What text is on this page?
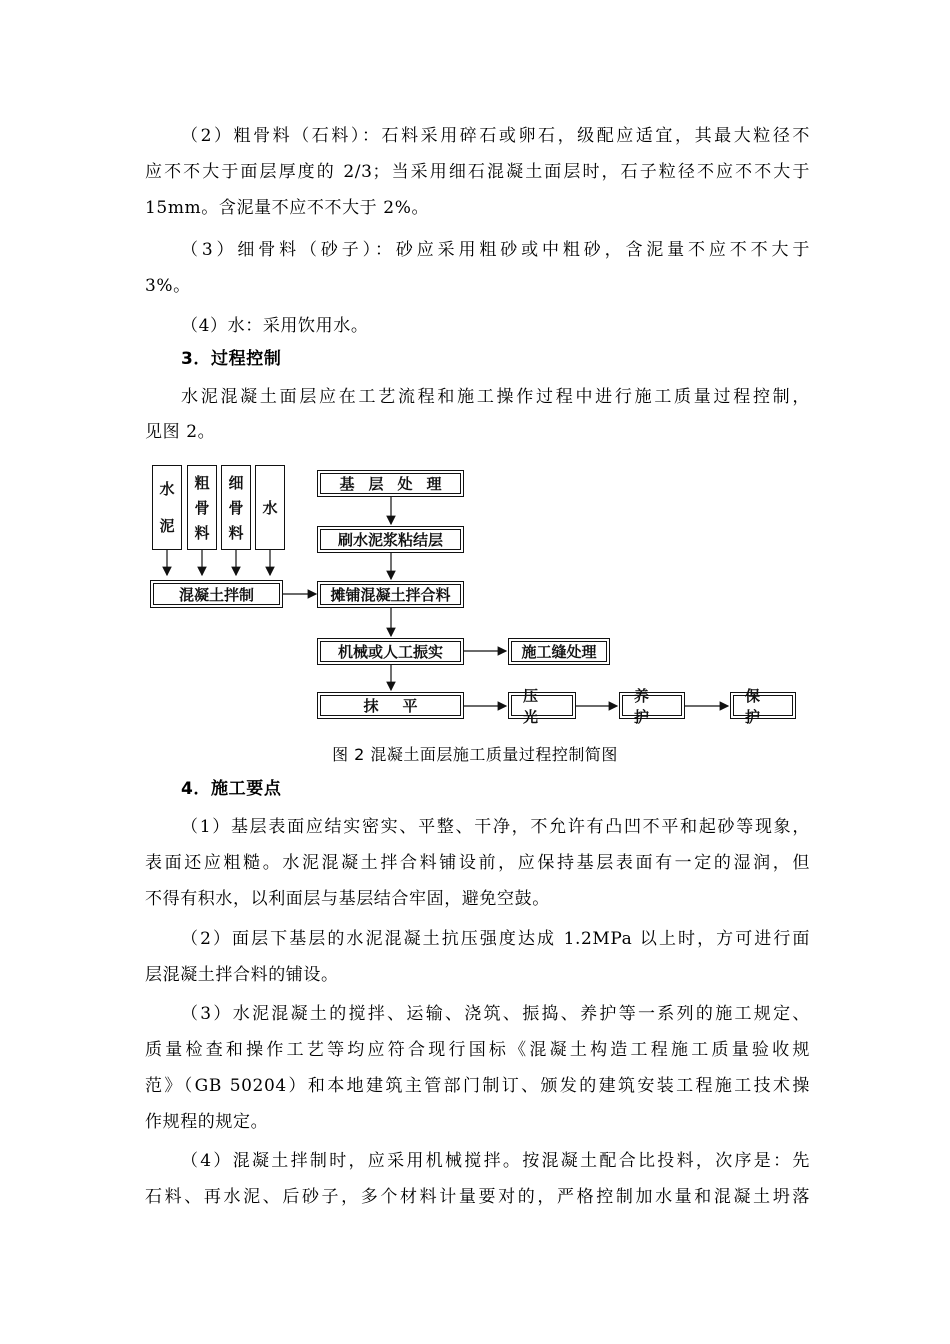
（2）粗骨料（石料）：石料采用碎石或卵石，级配应适宜，其最大粒径不
应不不大于面层厚度的 2/3；当采用细石混凝土面层时，石子粒径不应不不大于
15mm。含泥量不应不不大于 2%。
（3）细骨料（砂子）：砂应采用粗砂或中粗砂，含泥量不应不不大于
3%。
（4）水：采用饮用水。
3．过程控制
水泥混凝土面层应在工艺流程和施工操作过程中进行施工质量过程控制，
见图 2。
水
泥
粗
骨
料
细
骨
料
水
混凝土拌制
基层处理
刷水泥浆粘结层
摊铺混凝土拌合料
机械或人工振实
抹平
施工缝处理
压光
养护
保护
图 2 混凝土面层施工质量过程控制简图
4．施工要点
（1）基层表面应结实密实、平整、干净，不允许有凸凹不平和起砂等现象，
表面还应粗糙。水泥混凝土拌合料铺设前，应保持基层表面有一定的湿润，但
不得有积水，以利面层与基层结合牢固，避免空鼓。
（2）面层下基层的水泥混凝土抗压强度达成 1.2MPa 以上时，方可进行面
层混凝土拌合料的铺设。
（3）水泥混凝土的搅拌、运输、浇筑、振捣、养护等一系列的施工规定、
质量检查和操作工艺等均应符合现行国标《混凝土构造工程施工质量验收规
范》（GB 50204）和本地建筑主管部门制订、颁发的建筑安装工程施工技术操
作规程的规定。
（4）混凝土拌制时，应采用机械搅拌。按混凝土配合比投料，次序是：先
石料、再水泥、后砂子，多个材料计量要对的，严格控制加水量和混凝土坍落
